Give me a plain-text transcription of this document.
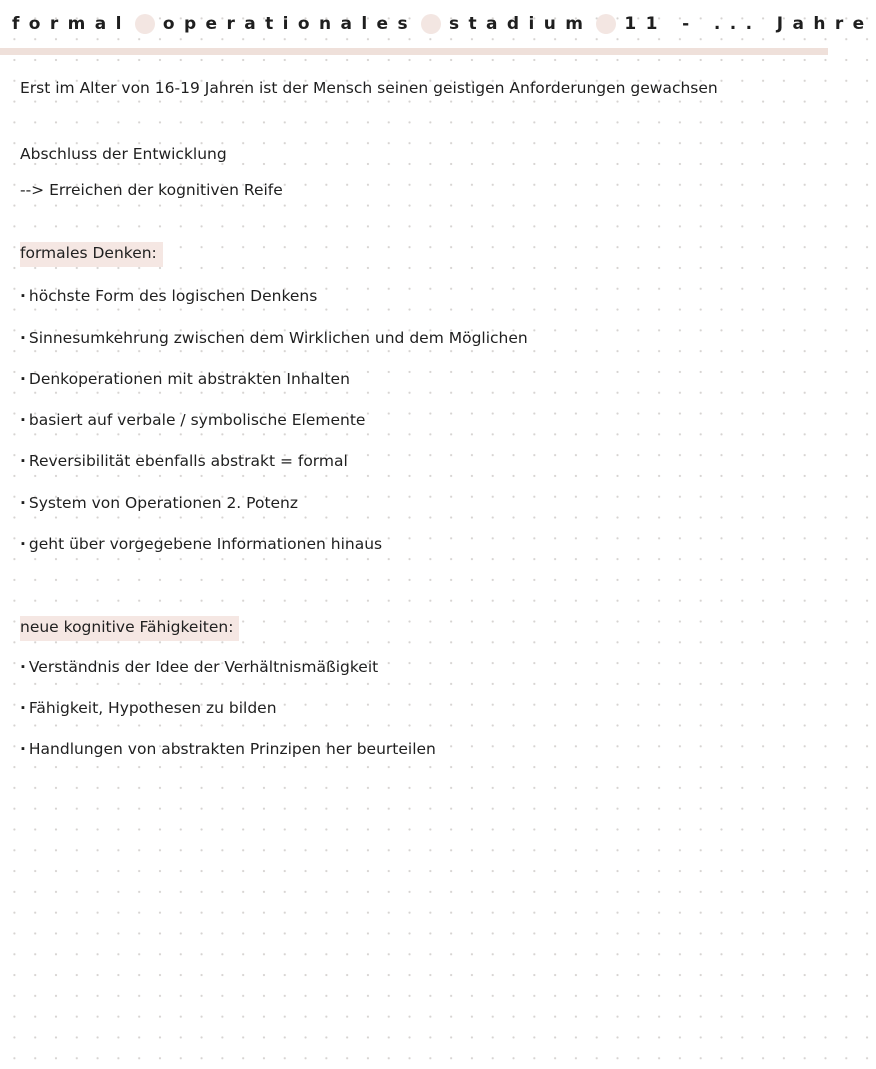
formal operationales stadium 11 - ... Jahre

Erst im Alter von 16-19 Jahren ist der Mensch seinen geistigen Anforderungen gewachsen

Abschluss der Entwicklung

--> Erreichen der kognitiven Reife

formales Denken:

· höchste Form des logischen Denkens

· Sinnesumkehrung zwischen dem Wirklichen und dem Möglichen

· Denkoperationen mit abstrakten Inhalten

· basiert auf verbale / symbolische Elemente

· Reversibilität ebenfalls abstrakt = formal

· System von Operationen 2. Potenz

· geht über vorgegebene Informationen hinaus

neue kognitive Fähigkeiten:

· Verständnis der Idee der Verhältnismäßigkeit

· Fähigkeit, Hypothesen zu bilden

· Handlungen von abstrakten Prinzipen her beurteilen
